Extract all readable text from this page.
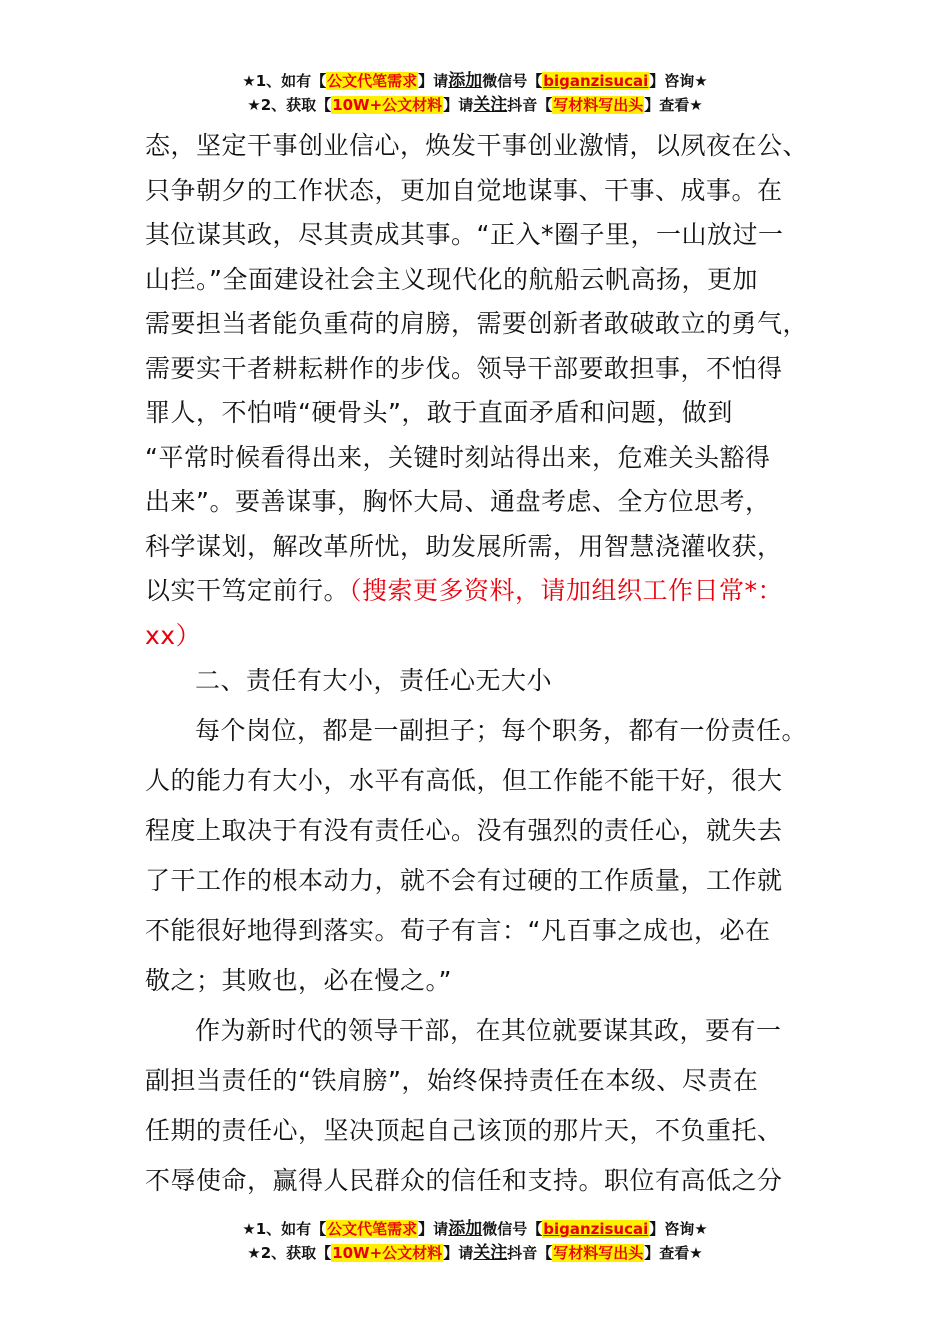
★1、如有【公文代笔需求】请添加微信号【biganzisucai】咨询★
★2、获取【10W+公文材料】请关注抖音【写材料写出头】查看★
态，坚定干事创业信心，焕发干事创业激情，以夙夜在公、
只争朝夕的工作状态，更加自觉地谋事、干事、成事。在
其位谋其政，尽其责成其事。“正入*圈子里，一山放过一
山拦。”全面建设社会主义现代化的航船云帆高扬，更加
需要担当者能负重荷的肩膀，需要创新者敢破敢立的勇气，
需要实干者耕耘耕作的步伐。领导干部要敢担事，不怕得
罪人，不怕啃“硬骨头”，敢于直面矛盾和问题，做到
“平常时候看得出来，关键时刻站得出来，危难关头豁得
出来”。要善谋事，胸怀大局、通盘考虑、全方位思考，
科学谋划，解改革所忧，助发展所需，用智慧浇灌收获，
以实干笃定前行。（搜索更多资料，请加组织工作日常*：
xx）
二、责任有大小，责任心无大小
每个岗位，都是一副担子；每个职务，都有一份责任。
人的能力有大小，水平有高低，但工作能不能干好，很大
程度上取决于有没有责任心。没有强烈的责任心，就失去
了干工作的根本动力，就不会有过硬的工作质量，工作就
不能很好地得到落实。荀子有言：“凡百事之成也，必在
敬之；其败也，必在慢之。”
作为新时代的领导干部，在其位就要谋其政，要有一
副担当责任的“铁肩膀”，始终保持责任在本级、尽责在
任期的责任心，坚决顶起自己该顶的那片天，不负重托、
不辱使命，赢得人民群众的信任和支持。职位有高低之分
★1、如有【公文代笔需求】请添加微信号【biganzisucai】咨询★
★2、获取【10W+公文材料】请关注抖音【写材料写出头】查看★
